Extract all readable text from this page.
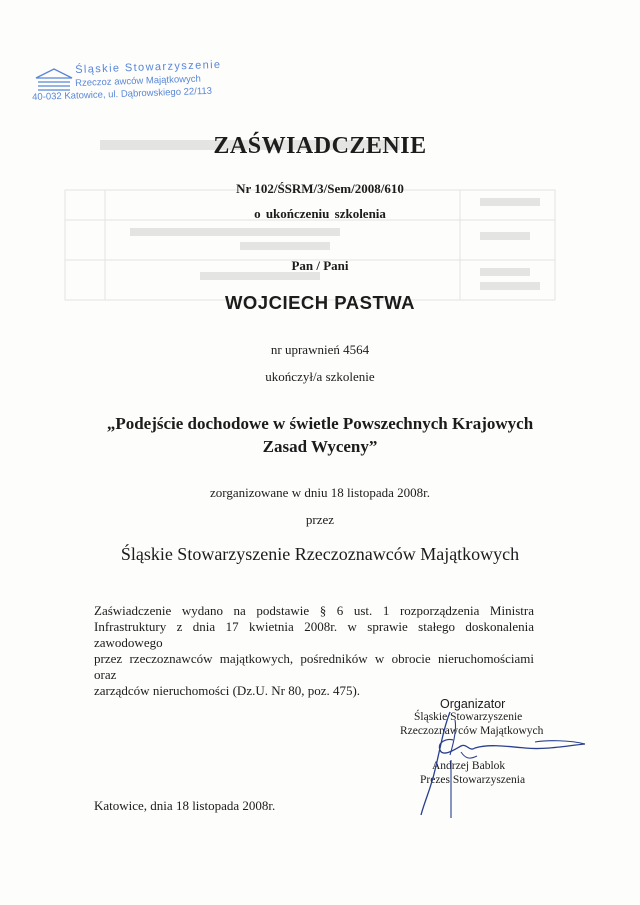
Śląskie Stowarzyszenie
Rzeczoz awców Majątkowych
40-032 Katowice, ul. Dąbrowskiego 22/113
ZAŚWIADCZENIE
Nr 102/ŚSRM/3/Sem/2008/610
o ukończeniu szkolenia
Pan / Pani
WOJCIECH PASTWA
nr uprawnień 4564
ukończył/a szkolenie
„Podejście dochodowe w świetle Powszechnych Krajowych
Zasad Wyceny”
zorganizowane w dniu 18 listopada 2008r.
przez
Śląskie Stowarzyszenie Rzeczoznawców Majątkowych
Zaświadczenie wydano na podstawie § 6 ust. 1 rozporządzenia Ministra
Infrastruktury z dnia 17 kwietnia 2008r. w sprawie stałego doskonalenia zawodowego
przez rzeczoznawców majątkowych, pośredników w obrocie nieruchomościami oraz
zarządców nieruchomości (Dz.U. Nr 80, poz. 475).
Organizator
Śląskie Stowarzyszenie
Rzeczoznawców Majątkowych
Andrzej Bablok
Prezes Stowarzyszenia
Katowice, dnia 18 listopada 2008r.
